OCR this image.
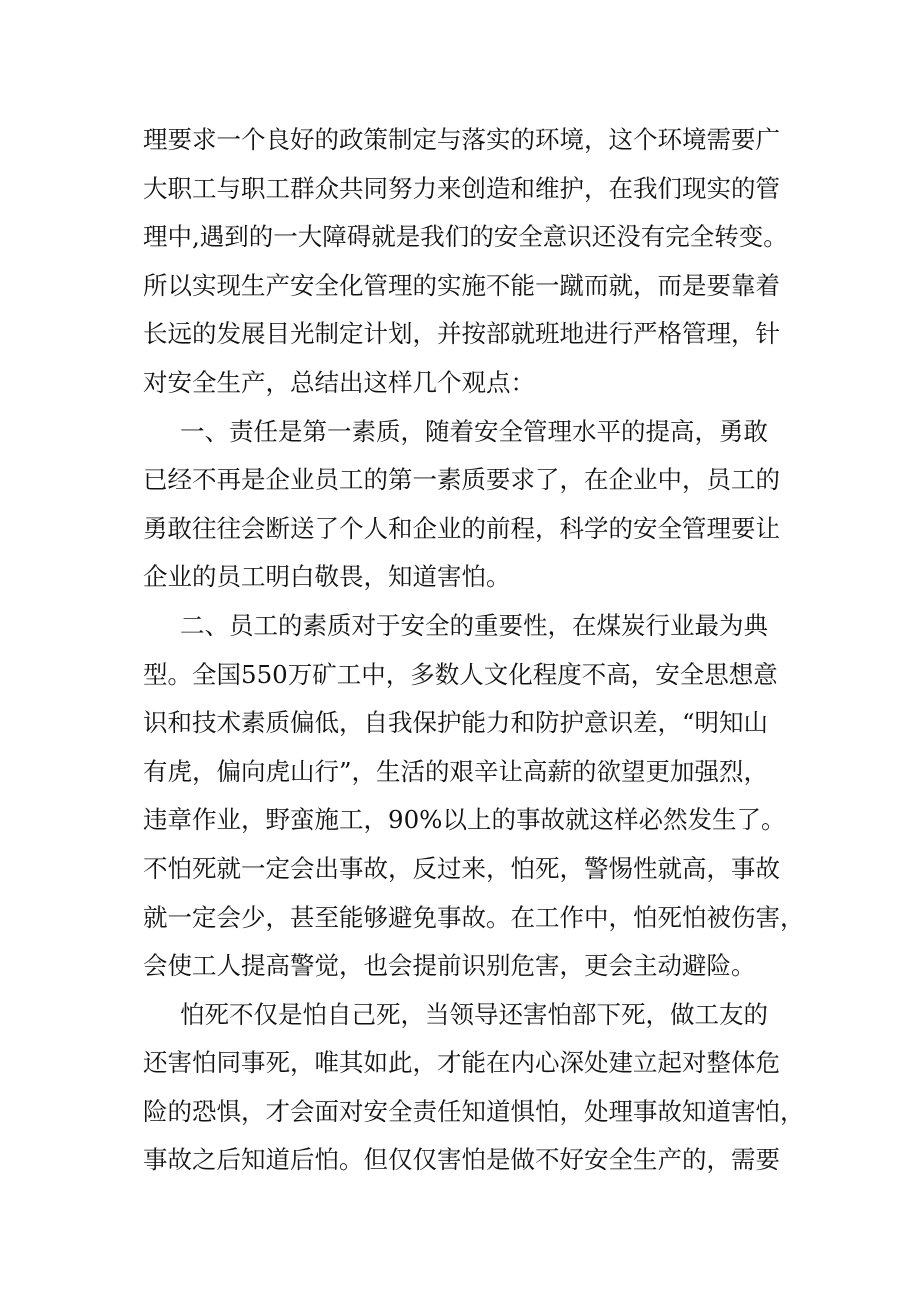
理要求一个良好的政策制定与落实的环境，这个环境需要广
大职工与职工群众共同努力来创造和维护，在我们现实的管
理中,遇到的一大障碍就是我们的安全意识还没有完全转变。
所以实现生产安全化管理的实施不能一蹴而就，而是要靠着
长远的发展目光制定计划，并按部就班地进行严格管理，针
对安全生产，总结出这样几个观点：
一、责任是第一素质，随着安全管理水平的提高，勇敢
已经不再是企业员工的第一素质要求了，在企业中，员工的
勇敢往往会断送了个人和企业的前程，科学的安全管理要让
企业的员工明白敬畏，知道害怕。
二、员工的素质对于安全的重要性，在煤炭行业最为典
型。全国550万矿工中，多数人文化程度不高，安全思想意
识和技术素质偏低，自我保护能力和防护意识差，“明知山
有虎，偏向虎山行”，生活的艰辛让高薪的欲望更加强烈，
违章作业，野蛮施工，90%以上的事故就这样必然发生了。
不怕死就一定会出事故，反过来，怕死，警惕性就高，事故
就一定会少，甚至能够避免事故。在工作中，怕死怕被伤害，
会使工人提高警觉，也会提前识别危害，更会主动避险。
怕死不仅是怕自己死，当领导还害怕部下死，做工友的
还害怕同事死，唯其如此，才能在内心深处建立起对整体危
险的恐惧，才会面对安全责任知道惧怕，处理事故知道害怕，
事故之后知道后怕。但仅仅害怕是做不好安全生产的，需要
